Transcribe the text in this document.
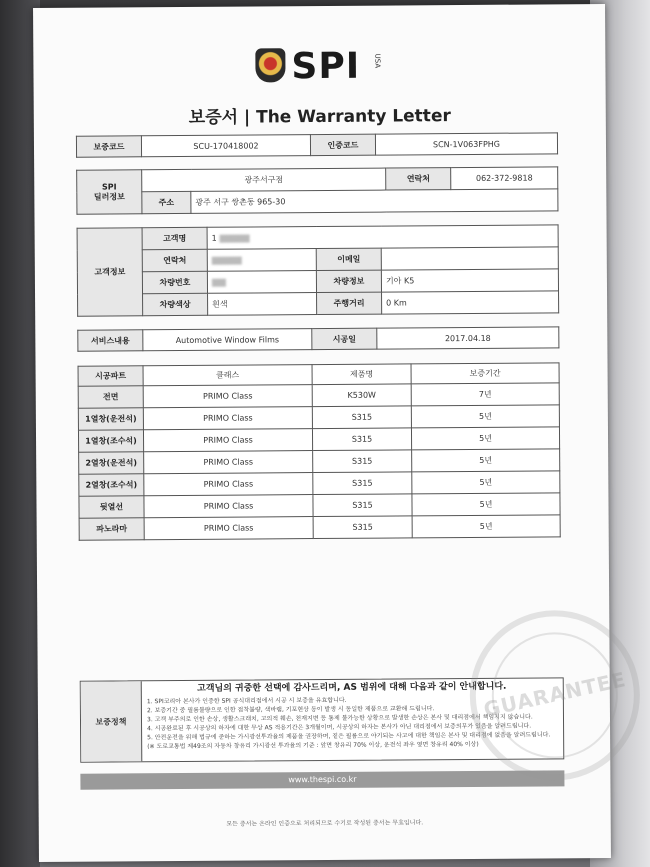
SPI USA
보증서 | The Warranty Letter
보증코드	SCU-170418002	인증코드	SCN-1V063FPHG
SPI
딜러정보	광주서구점		연락처	062-372-9818
	주소	광주 서구 쌍촌동 965-30		
고객정보	고객명	1		
	연락처		이메일	
	차량번호		차량정보	기아 K5
	차량색상	흰색	주행거리	0 Km
서비스내용	Automotive Window Films	시공일	2017.04.18
시공파트	클래스	제품명	보증기간
전면	PRIMO Class	K530W	7년
1열창(운전석)	PRIMO Class	S315	5년
1열창(조수석)	PRIMO Class	S315	5년
2열창(운전석)	PRIMO Class	S315	5년
2열창(조수석)	PRIMO Class	S315	5년
뒷열선	PRIMO Class	S315	5년
파노라마	PRIMO Class	S315	5년
보증정책
고객님의 귀중한 선택에 감사드리며, AS 범위에 대해 다음과 같이 안내합니다.
1. SPI코리아 본사가 인증한 SPI 공식대리점에서 시공 시 보증을 유효합니다.
2. 보증기간 중 필름불량으로 인한 접착불량, 색바램, 기포현상 등이 발생 시 동일한 제품으로 교환해 드립니다.
3. 고객 부주의로 인한 손상, 생활스크래치, 고의적 훼손, 천재지변 등 통제 불가능한 상황으로 발생한 손상은 본사 및 대리점에서 책임지지 않습니다.
4. 시공완료된 후 시공상의 하자에 대한 무상 AS 적용기간은 3개월이며, 시공상의 하자는 본사가 아닌 대리점에서 보증의무가 있음을 알려드립니다.
5. 안전운전을 위해 법규에 준하는 가시광선투과율의 제품을 권장하며, 짙은 필름으로 야기되는 사고에 대한 책임은 본사 및 대리점에 없음을 알려드립니다. (※ 도로교통법 제49조의 자동차 창유리 가시광선 투과율의 기준 : 앞면 창유리 70% 이상, 운전석 좌우 옆면 창유리 40% 이상)
www.thespi.co.kr
모든 증서는 온라인 인증으로 처리되므로 수기로 작성된 증서는 무효입니다.
GUARANTEE
